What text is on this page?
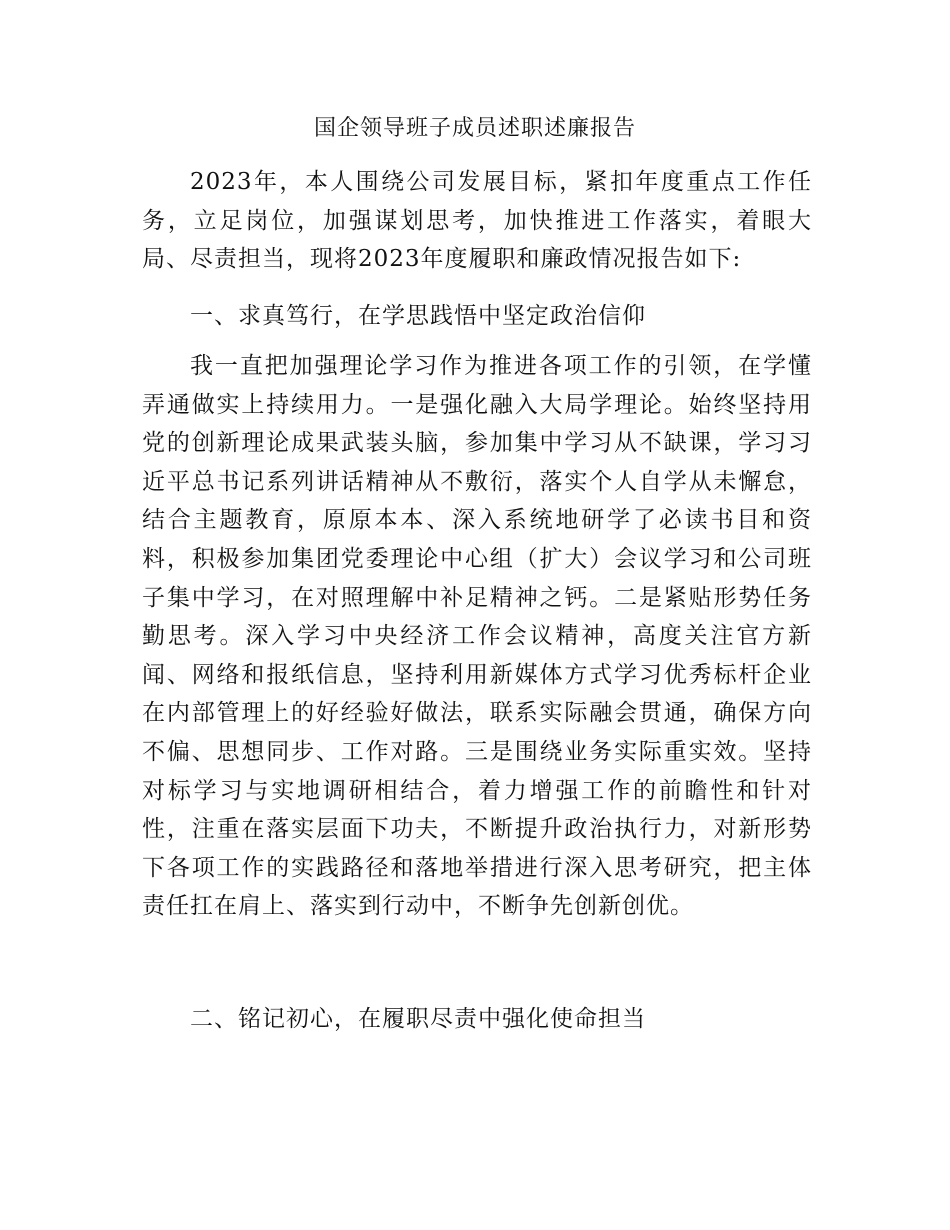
国企领导班子成员述职述廉报告

2023年，本人围绕公司发展目标，紧扣年度重点工作任务，立足岗位，加强谋划思考，加快推进工作落实，着眼大局、尽责担当，现将2023年度履职和廉政情况报告如下:

一、求真笃行，在学思践悟中坚定政治信仰

我一直把加强理论学习作为推进各项工作的引领，在学懂弄通做实上持续用力。一是强化融入大局学理论。始终坚持用党的创新理论成果武装头脑，参加集中学习从不缺课，学习习近平总书记系列讲话精神从不敷衍，落实个人自学从未懈怠，结合主题教育，原原本本、深入系统地研学了必读书目和资料，积极参加集团党委理论中心组（扩大）会议学习和公司班子集中学习，在对照理解中补足精神之钙。二是紧贴形势任务勤思考。深入学习中央经济工作会议精神，高度关注官方新闻、网络和报纸信息，坚持利用新媒体方式学习优秀标杆企业在内部管理上的好经验好做法，联系实际融会贯通，确保方向不偏、思想同步、工作对路。三是围绕业务实际重实效。坚持对标学习与实地调研相结合，着力增强工作的前瞻性和针对性，注重在落实层面下功夫，不断提升政治执行力，对新形势下各项工作的实践路径和落地举措进行深入思考研究，把主体责任扛在肩上、落实到行动中，不断争先创新创优。

二、铭记初心，在履职尽责中强化使命担当
